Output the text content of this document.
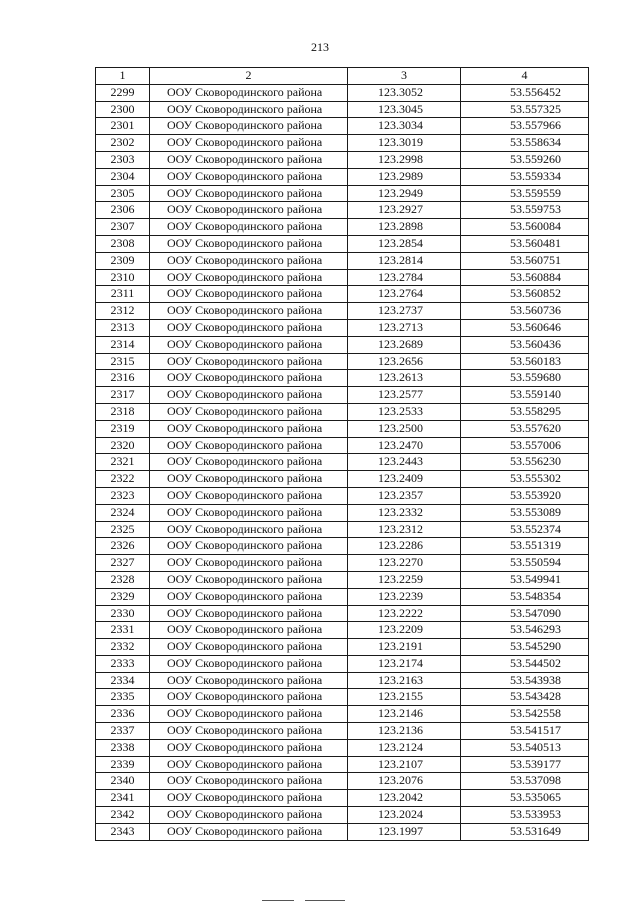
213
1	2	3	4
2299	ООУ Сковородинского района	123.3052	53.556452
2300	ООУ Сковородинского района	123.3045	53.557325
2301	ООУ Сковородинского района	123.3034	53.557966
2302	ООУ Сковородинского района	123.3019	53.558634
2303	ООУ Сковородинского района	123.2998	53.559260
2304	ООУ Сковородинского района	123.2989	53.559334
2305	ООУ Сковородинского района	123.2949	53.559559
2306	ООУ Сковородинского района	123.2927	53.559753
2307	ООУ Сковородинского района	123.2898	53.560084
2308	ООУ Сковородинского района	123.2854	53.560481
2309	ООУ Сковородинского района	123.2814	53.560751
2310	ООУ Сковородинского района	123.2784	53.560884
2311	ООУ Сковородинского района	123.2764	53.560852
2312	ООУ Сковородинского района	123.2737	53.560736
2313	ООУ Сковородинского района	123.2713	53.560646
2314	ООУ Сковородинского района	123.2689	53.560436
2315	ООУ Сковородинского района	123.2656	53.560183
2316	ООУ Сковородинского района	123.2613	53.559680
2317	ООУ Сковородинского района	123.2577	53.559140
2318	ООУ Сковородинского района	123.2533	53.558295
2319	ООУ Сковородинского района	123.2500	53.557620
2320	ООУ Сковородинского района	123.2470	53.557006
2321	ООУ Сковородинского района	123.2443	53.556230
2322	ООУ Сковородинского района	123.2409	53.555302
2323	ООУ Сковородинского района	123.2357	53.553920
2324	ООУ Сковородинского района	123.2332	53.553089
2325	ООУ Сковородинского района	123.2312	53.552374
2326	ООУ Сковородинского района	123.2286	53.551319
2327	ООУ Сковородинского района	123.2270	53.550594
2328	ООУ Сковородинского района	123.2259	53.549941
2329	ООУ Сковородинского района	123.2239	53.548354
2330	ООУ Сковородинского района	123.2222	53.547090
2331	ООУ Сковородинского района	123.2209	53.546293
2332	ООУ Сковородинского района	123.2191	53.545290
2333	ООУ Сковородинского района	123.2174	53.544502
2334	ООУ Сковородинского района	123.2163	53.543938
2335	ООУ Сковородинского района	123.2155	53.543428
2336	ООУ Сковородинского района	123.2146	53.542558
2337	ООУ Сковородинского района	123.2136	53.541517
2338	ООУ Сковородинского района	123.2124	53.540513
2339	ООУ Сковородинского района	123.2107	53.539177
2340	ООУ Сковородинского района	123.2076	53.537098
2341	ООУ Сковородинского района	123.2042	53.535065
2342	ООУ Сковородинского района	123.2024	53.533953
2343	ООУ Сковородинского района	123.1997	53.531649
